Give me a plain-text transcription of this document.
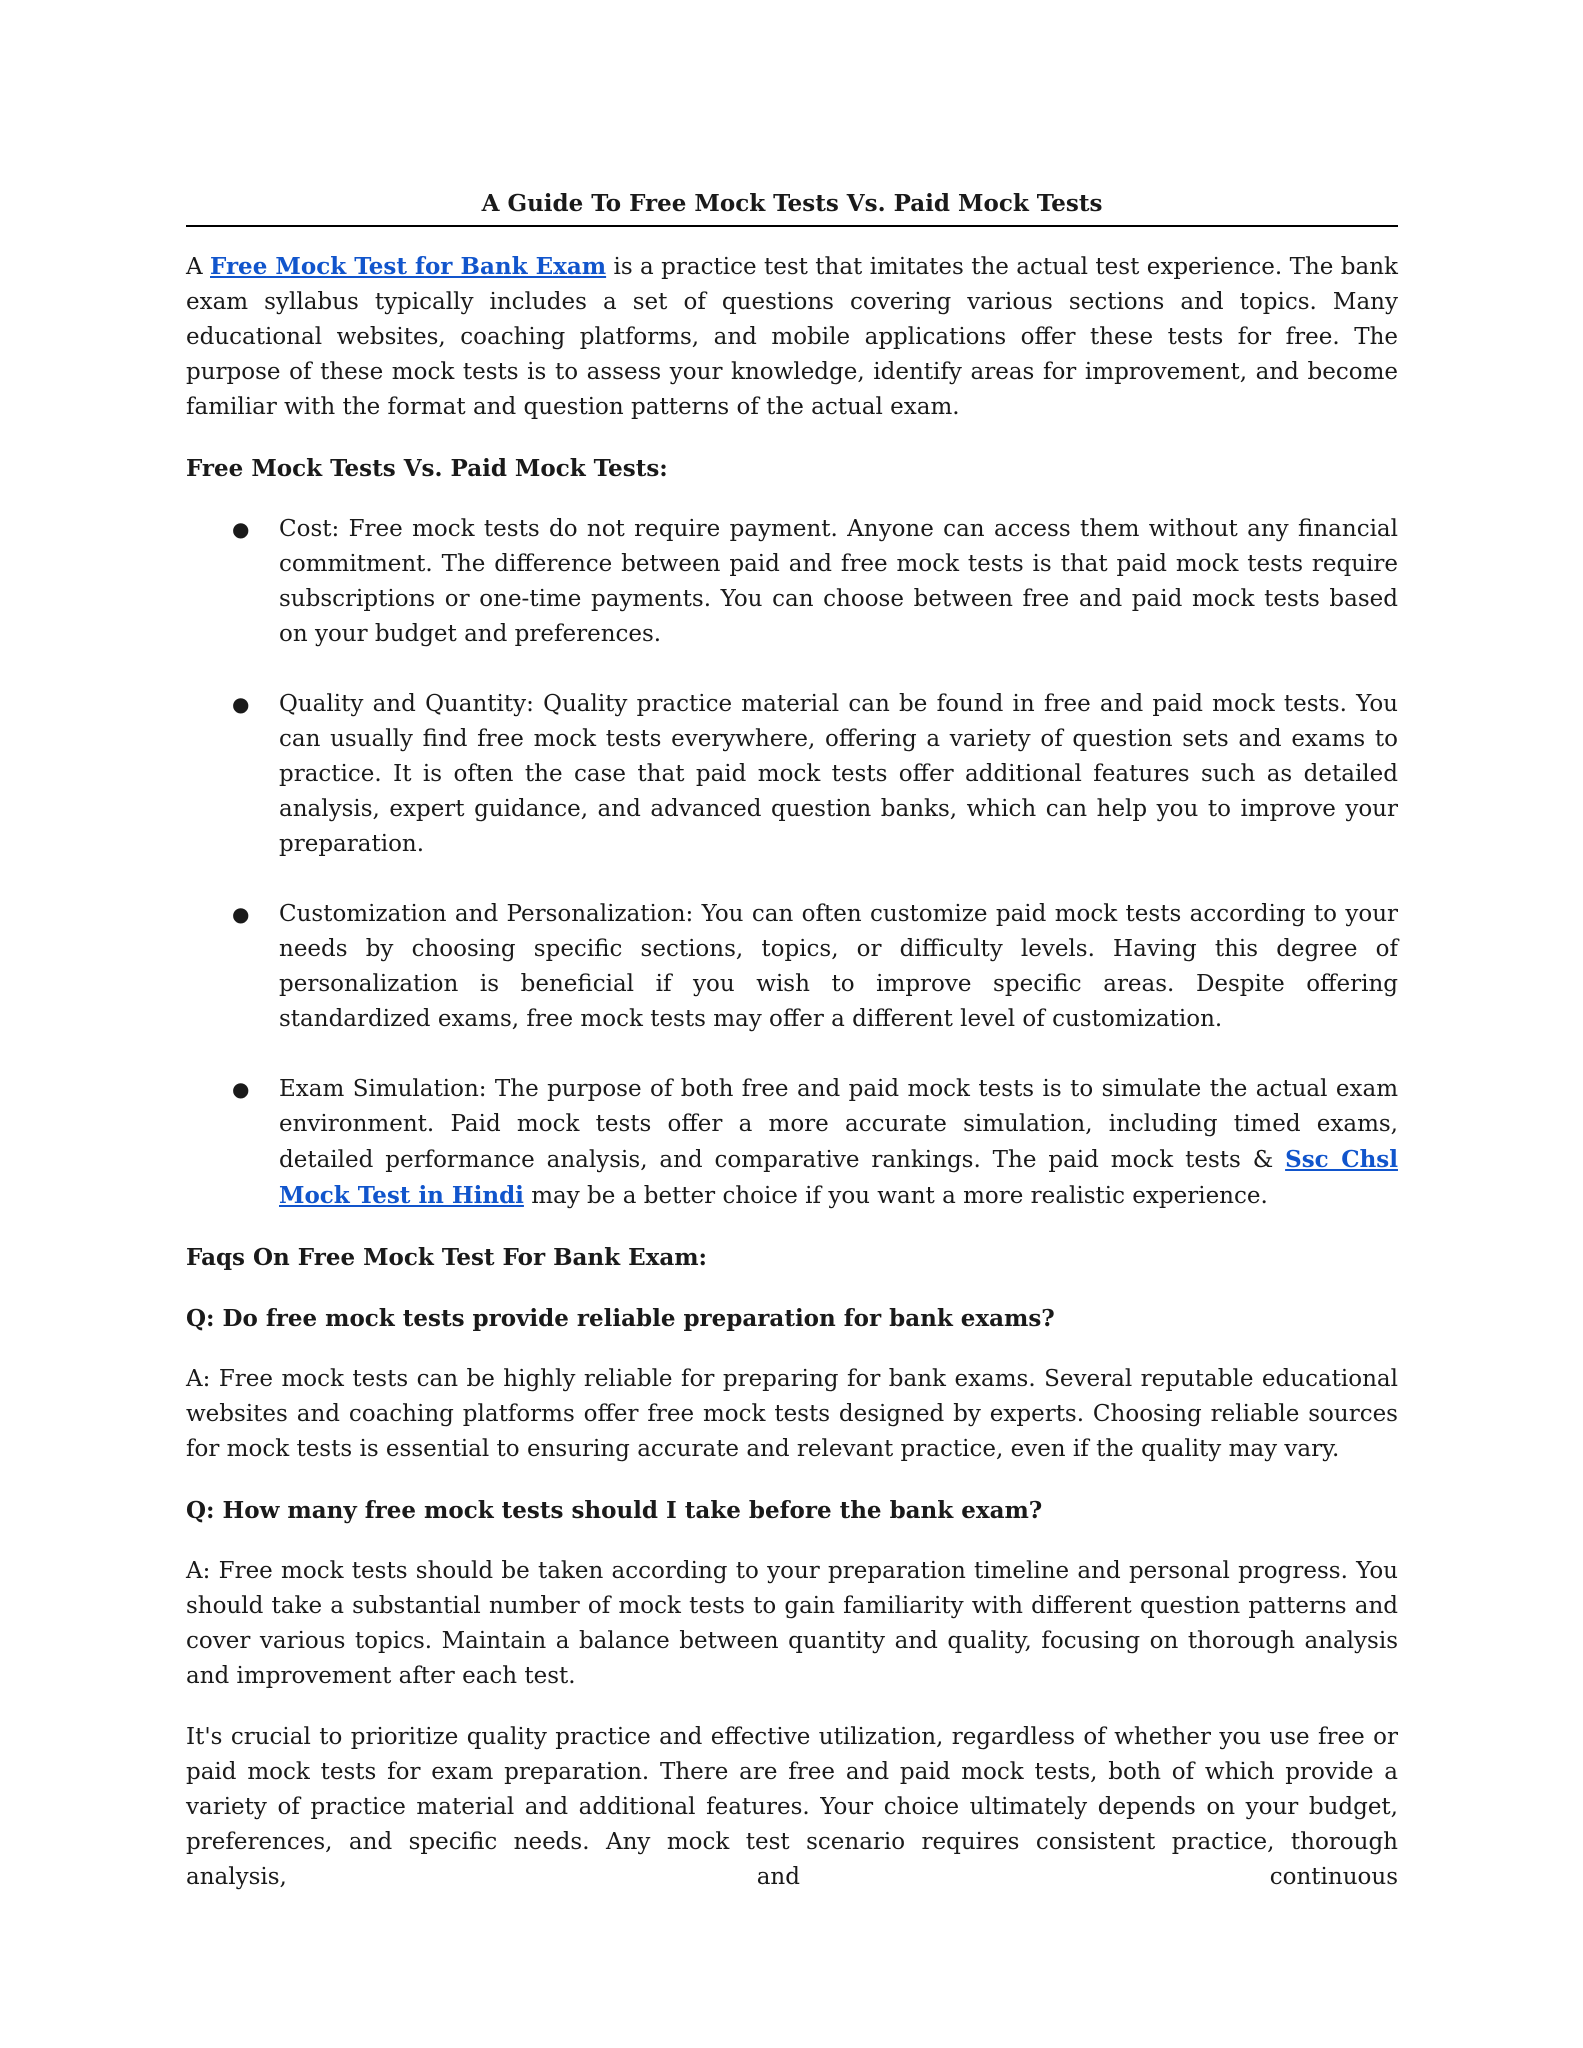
A Guide To Free Mock Tests Vs. Paid Mock Tests

A Free Mock Test for Bank Exam is a practice test that imitates the actual test experience. The bank exam syllabus typically includes a set of questions covering various sections and topics. Many educational websites, coaching platforms, and mobile applications offer these tests for free. The purpose of these mock tests is to assess your knowledge, identify areas for improvement, and become familiar with the format and question patterns of the actual exam.

Free Mock Tests Vs. Paid Mock Tests:

● Cost: Free mock tests do not require payment. Anyone can access them without any financial commitment. The difference between paid and free mock tests is that paid mock tests require subscriptions or one-time payments. You can choose between free and paid mock tests based on your budget and preferences.
● Quality and Quantity: Quality practice material can be found in free and paid mock tests. You can usually find free mock tests everywhere, offering a variety of question sets and exams to practice. It is often the case that paid mock tests offer additional features such as detailed analysis, expert guidance, and advanced question banks, which can help you to improve your preparation.
● Customization and Personalization: You can often customize paid mock tests according to your needs by choosing specific sections, topics, or difficulty levels. Having this degree of personalization is beneficial if you wish to improve specific areas. Despite offering standardized exams, free mock tests may offer a different level of customization.
● Exam Simulation: The purpose of both free and paid mock tests is to simulate the actual exam environment. Paid mock tests offer a more accurate simulation, including timed exams, detailed performance analysis, and comparative rankings. The paid mock tests & Ssc Chsl Mock Test in Hindi may be a better choice if you want a more realistic experience.

Faqs On Free Mock Test For Bank Exam:

Q: Do free mock tests provide reliable preparation for bank exams?

A: Free mock tests can be highly reliable for preparing for bank exams. Several reputable educational websites and coaching platforms offer free mock tests designed by experts. Choosing reliable sources for mock tests is essential to ensuring accurate and relevant practice, even if the quality may vary.

Q: How many free mock tests should I take before the bank exam?

A: Free mock tests should be taken according to your preparation timeline and personal progress. You should take a substantial number of mock tests to gain familiarity with different question patterns and cover various topics. Maintain a balance between quantity and quality, focusing on thorough analysis and improvement after each test.

It's crucial to prioritize quality practice and effective utilization, regardless of whether you use free or paid mock tests for exam preparation. There are free and paid mock tests, both of which provide a variety of practice material and additional features. Your choice ultimately depends on your budget, preferences, and specific needs. Any mock test scenario requires consistent practice, thorough analysis, and continuous
